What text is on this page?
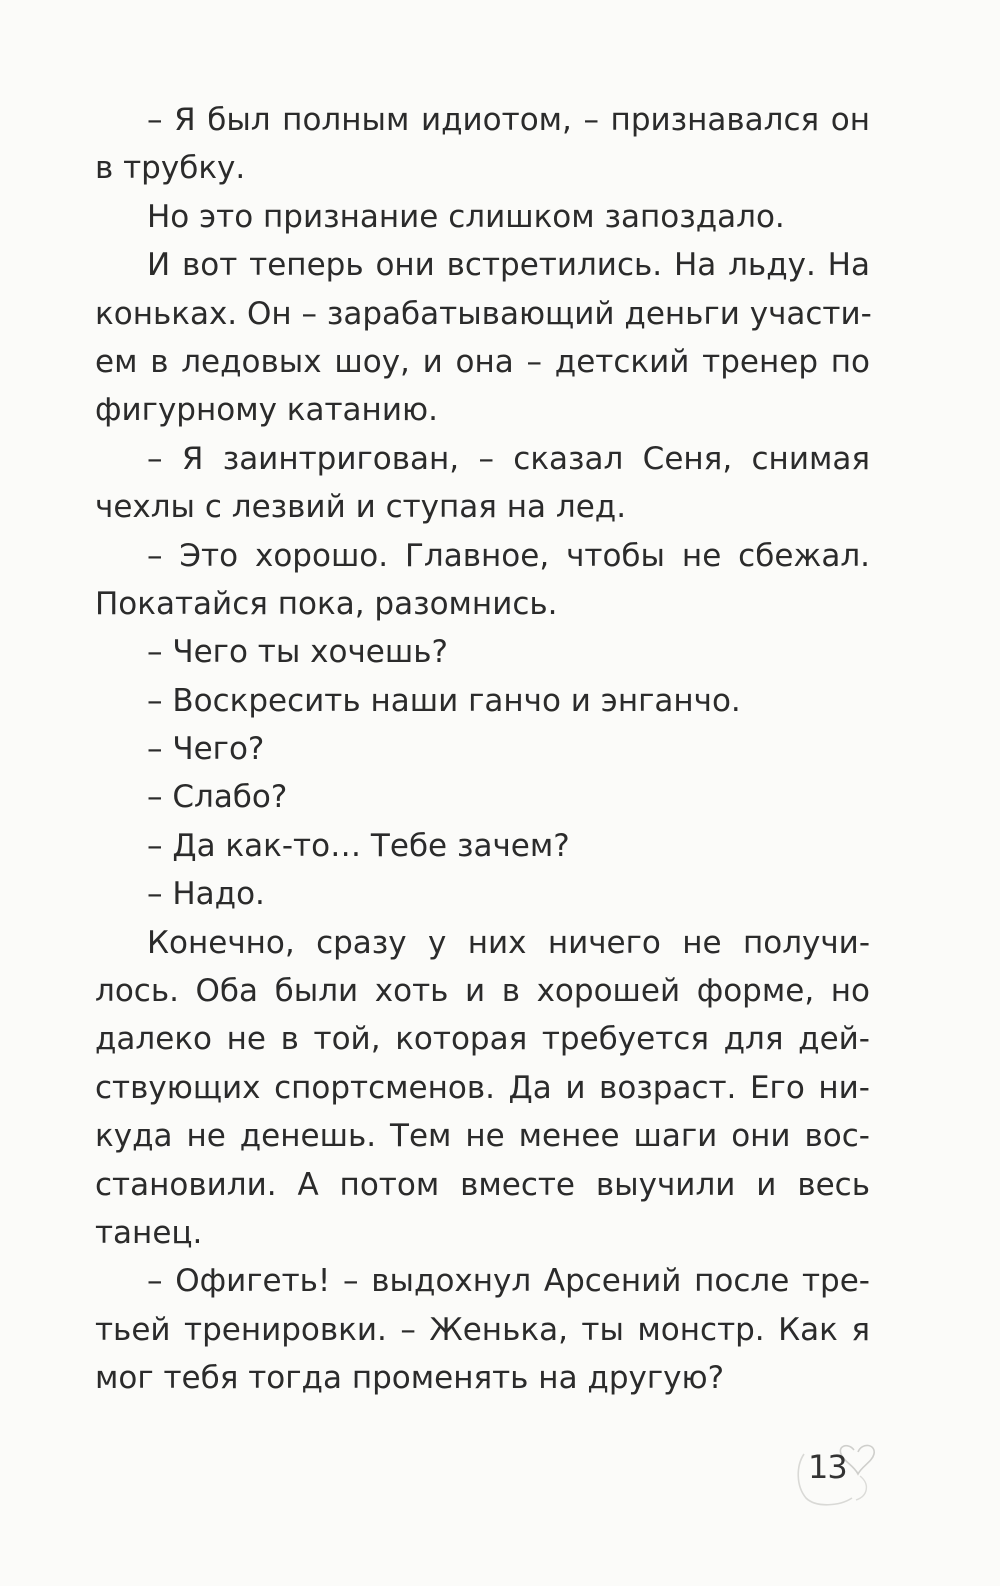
– Я был полным идиотом, – признавался он
в трубку.
Но это признание слишком запоздало.
И вот теперь они встретились. На льду. На
коньках. Он – зарабатывающий деньги участи-
ем в ледовых шоу, и она – детский тренер по
фигурному катанию.
– Я заинтригован, – сказал Сеня, снимая
чехлы с лезвий и ступая на лед.
– Это хорошо. Главное, чтобы не сбежал.
Покатайся пока, разомнись.
– Чего ты хочешь?
– Воскресить наши ганчо и энганчо.
– Чего?
– Слабо?
– Да как-то… Тебе зачем?
– Надо.
Конечно, сразу у них ничего не получи-
лось. Оба были хоть и в хорошей форме, но
далеко не в той, которая требуется для дей-
ствующих спортсменов. Да и возраст. Его ни-
куда не денешь. Тем не менее шаги они вос-
становили. А потом вместе выучили и весь
танец.
– Офигеть! – выдохнул Арсений после тре-
тьей тренировки. – Женька, ты монстр. Как я
мог тебя тогда променять на другую?
13
